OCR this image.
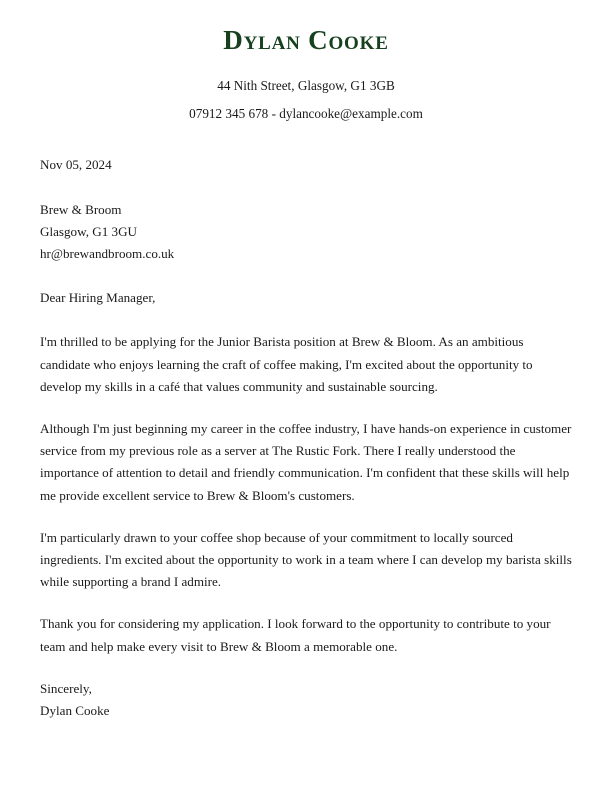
Dylan Cooke

44 Nith Street, Glasgow, G1 3GB

07912 345 678 - dylancooke@example.com

Nov 05, 2024
Brew & Broom
Glasgow, G1 3GU
hr@brewandbroom.co.uk
Dear Hiring Manager,

I'm thrilled to be applying for the Junior Barista position at Brew & Bloom. As an ambitious candidate who enjoys learning the craft of coffee making, I'm excited about the opportunity to develop my skills in a café that values community and sustainable sourcing.

Although I'm just beginning my career in the coffee industry, I have hands-on experience in customer service from my previous role as a server at The Rustic Fork. There I really understood the importance of attention to detail and friendly communication. I'm confident that these skills will help me provide excellent service to Brew & Bloom's customers.

I'm particularly drawn to your coffee shop because of your commitment to locally sourced ingredients. I'm excited about the opportunity to work in a team where I can develop my barista skills while supporting a brand I admire.

Thank you for considering my application. I look forward to the opportunity to contribute to your team and help make every visit to Brew & Bloom a memorable one.

Sincerely,
Dylan Cooke
